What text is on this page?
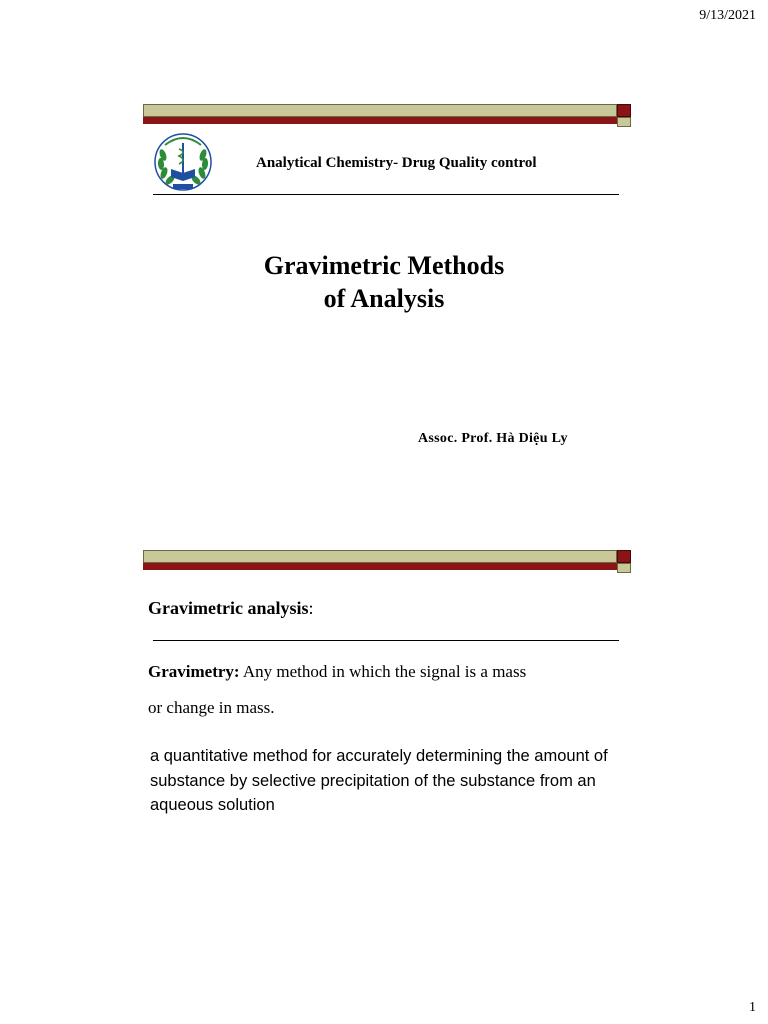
9/13/2021
Analytical Chemistry- Drug Quality control
Gravimetric Methods
of Analysis
Assoc. Prof. Hà Diệu Ly
Gravimetric analysis:
Gravimetry: Any method in which the signal is a mass
or change in mass.
a quantitative method for accurately determining the amount of substance by selective precipitation of the substance from an aqueous solution
1
